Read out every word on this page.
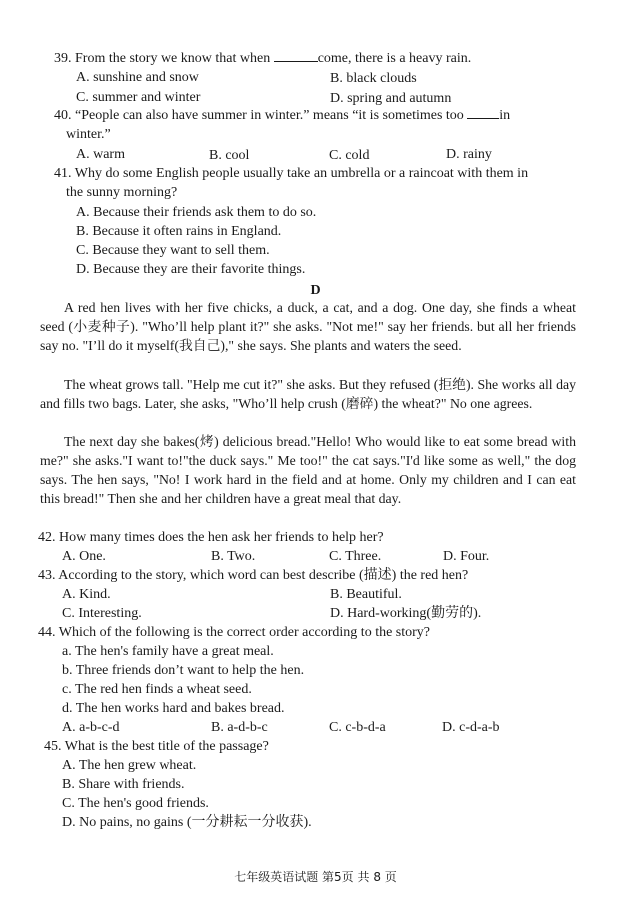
39. From the story we know that when	come, there is a heavy rain.
A. sunshine and snow	B. black clouds
C. summer and winter	D. spring and autumn
40. “People can also have summer in winter.” means “it is sometimes too in
winter.”
A. warm	B. cool	C. cold	D. rainy
41. Why do some English people usually take an umbrella or a raincoat with them in
the sunny morning?
A. Because their friends ask them to do so.
B. Because it often rains in England.
C. Because they want to sell them.
D. Because they are their favorite things.
D
A red hen lives with her five chicks, a duck, a cat, and a dog. One day, she finds a wheat seed (小麦种子). "Who’ll help plant it?" she asks. "Not me!" say her friends. but all her friends say no. "I’ll do it myself(我自己)," she says. She plants and waters the seed.
The wheat grows tall. "Help me cut it?" she asks. But they refused (拒绝). She works all day and fills two bags. Later, she asks, "Who’ll help crush (磨碎) the wheat?" No one agrees.
The next day she bakes(烤) delicious bread."Hello! Who would like to eat some bread with me?" she asks."I want to!"the duck says." Me too!" the cat says."I'd like some as well," the dog says. The hen says, "No! I work hard in the field and at home. Only my children and I can eat this bread!" Then she and her children have a great meal that day.
42. How many times does the hen ask her friends to help her?
A. One.	B. Two.	C. Three.	D. Four.
43. According to the story, which word can best describe (描述) the red hen?
A. Kind.	B. Beautiful.
C. Interesting.	D. Hard-working(勤劳的).
44. Which of the following is the correct order according to the story?
a. The hen's family have a great meal.
b. Three friends don’t want to help the hen.
c. The red hen finds a wheat seed.
d. The hen works hard and bakes bread.
A. a-b-c-d	B. a-d-b-c	C. c-b-d-a	D. c-d-a-b
45. What is the best title of the passage?
A. The hen grew wheat.
B. Share with friends.
C. The hen's good friends.
D. No pains, no gains (一分耕耘一分收获).
七年级英语试题 第5页 共 8 页
